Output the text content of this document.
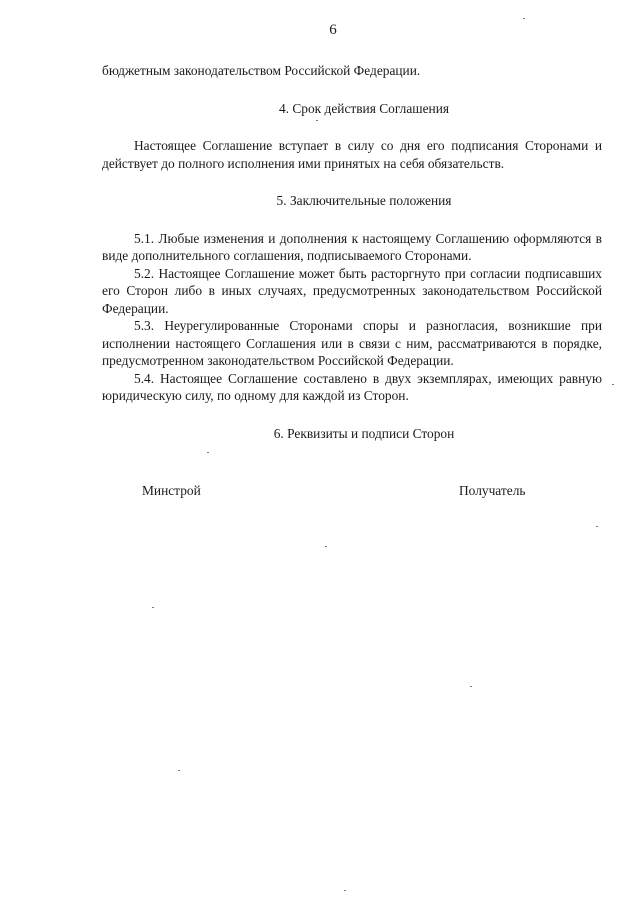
6

бюджетным законодательством Российской Федерации.

4. Срок действия Соглашения

Настоящее Соглашение вступает в силу со дня его подписания Сторонами и действует до полного исполнения ими принятых на себя обязательств.

5. Заключительные положения

5.1. Любые изменения и дополнения к настоящему Соглашению оформляются в виде дополнительного соглашения, подписываемого Сторонами.

5.2. Настоящее Соглашение может быть расторгнуто при согласии подписавших его Сторон либо в иных случаях, предусмотренных законодательством Российской Федерации.

5.3. Неурегулированные Сторонами споры и разногласия, возникшие при исполнении настоящего Соглашения или в связи с ним, рассматриваются в порядке, предусмотренном законодательством Российской Федерации.

5.4. Настоящее Соглашение составлено в двух экземплярах, имеющих равную юридическую силу, по одному для каждой из Сторон.

6. Реквизиты и подписи Сторон

Минстрой	Получатель
